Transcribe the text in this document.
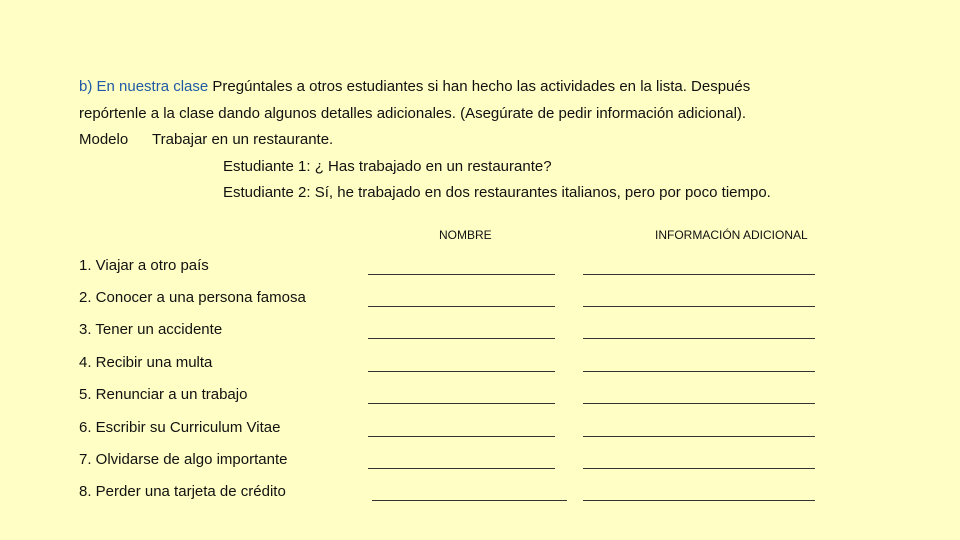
b) En nuestra clase Pregúntales a otros estudiantes si han hecho las actividades en la lista. Después

repórtenle a la clase dando algunos detalles adicionales. (Asegúrate de pedir información adicional).

Modelo Trabajar en un restaurante.

Estudiante 1: ¿ Has trabajado en un restaurante?

Estudiante 2: Sí, he trabajado en dos restaurantes italianos, pero por poco tiempo.

NOMBRE	INFORMACIÓN ADICIONAL
1. Viajar a otro país
2. Conocer a una persona famosa
3. Tener un accidente
4. Recibir una multa
5. Renunciar a un trabajo
6. Escribir su Curriculum Vitae
7. Olvidarse de algo importante
8. Perder una tarjeta de crédito
